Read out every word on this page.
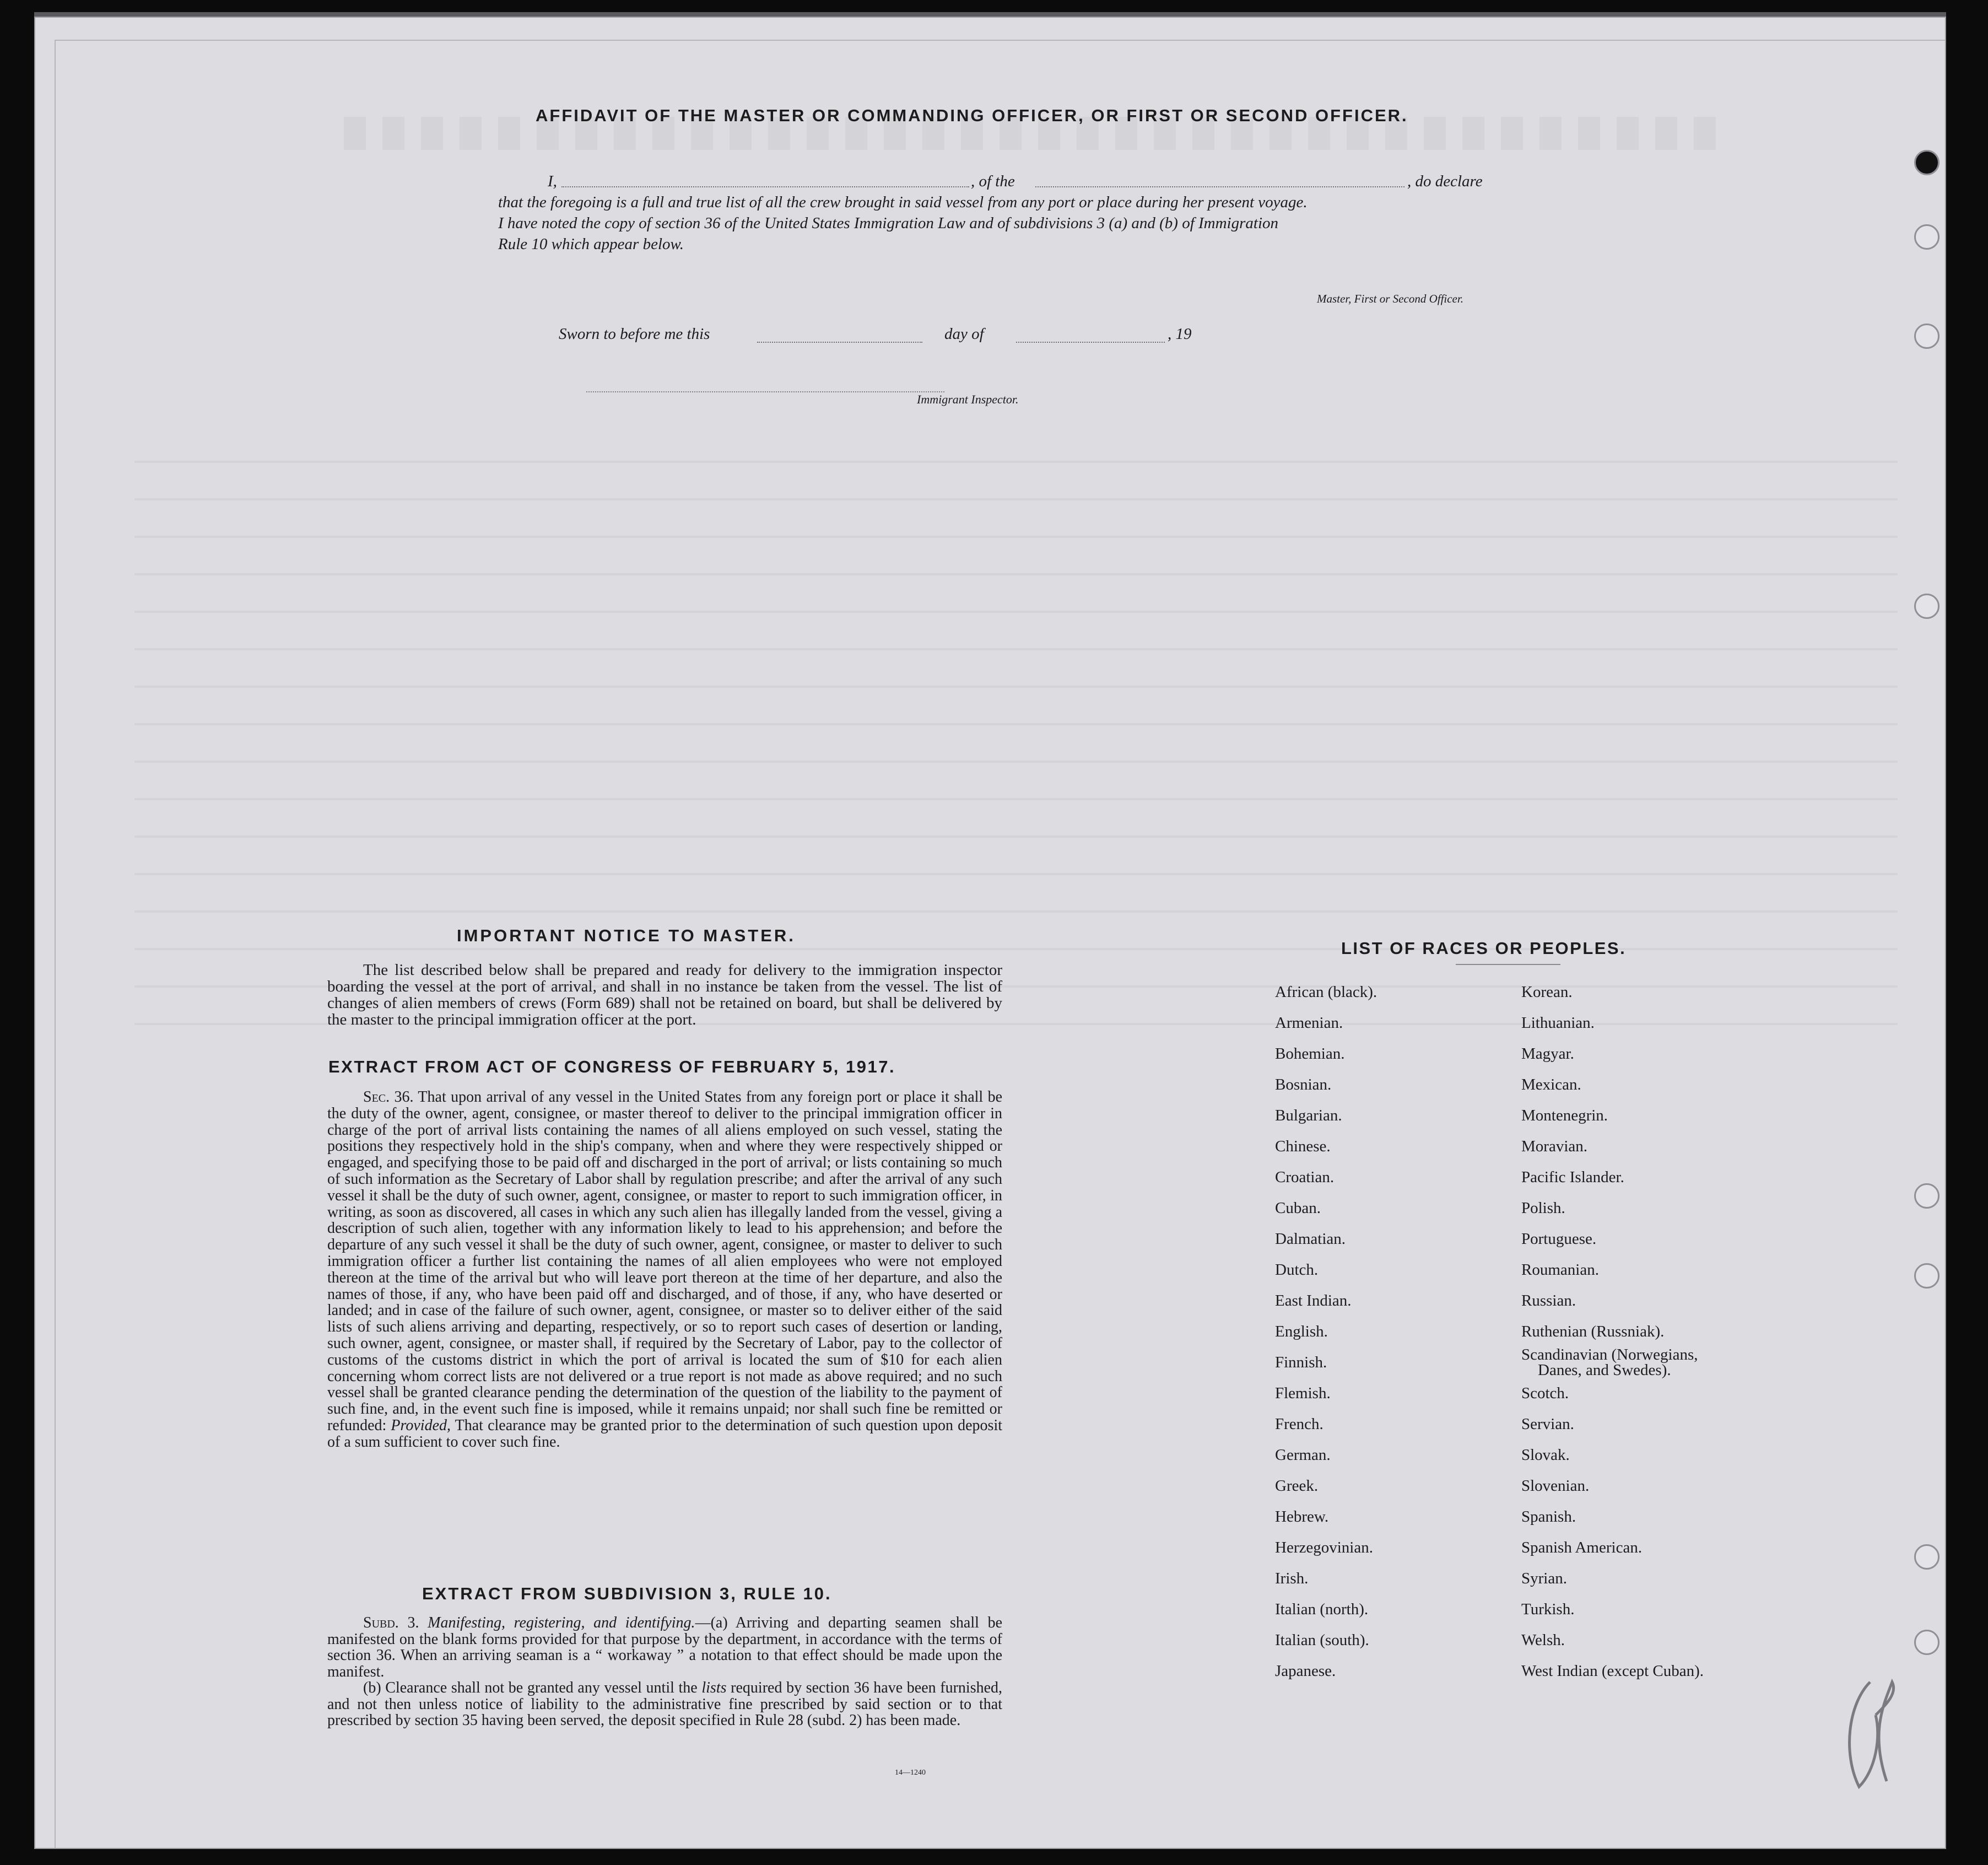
AFFIDAVIT OF THE MASTER OR COMMANDING OFFICER, OR FIRST OR SECOND OFFICER.
I,	, of the	, do declare
that the foregoing is a full and true list of all the crew brought in said vessel from any port or place during her present voyage.
I have noted the copy of section 36 of the United States Immigration Law and of subdivisions 3 (a) and (b) of Immigration
Rule 10 which appear below.
Master, First or Second Officer.
Sworn to before me this	day of	, 19
Immigrant Inspector.
IMPORTANT NOTICE TO MASTER.
The list described below shall be prepared and ready for delivery to the immigration inspector boarding the vessel at the port of arrival, and shall in no instance be taken from the vessel. The list of changes of alien members of crews (Form 689) shall not be retained on board, but shall be delivered by the master to the principal immigration officer at the port.
EXTRACT FROM ACT OF CONGRESS OF FEBRUARY 5, 1917.
Sec. 36. That upon arrival of any vessel in the United States from any foreign port or place it shall be the duty of the owner, agent, consignee, or master thereof to deliver to the principal immigration officer in charge of the port of arrival lists containing the names of all aliens employed on such vessel, stating the positions they respectively hold in the ship's company, when and where they were respectively shipped or engaged, and specifying those to be paid off and discharged in the port of arrival; or lists containing so much of such information as the Secretary of Labor shall by regulation prescribe; and after the arrival of any such vessel it shall be the duty of such owner, agent, consignee, or master to report to such immigration officer, in writing, as soon as discovered, all cases in which any such alien has illegally landed from the vessel, giving a description of such alien, together with any information likely to lead to his apprehension; and before the departure of any such vessel it shall be the duty of such owner, agent, consignee, or master to deliver to such immigration officer a further list containing the names of all alien employees who were not employed thereon at the time of the arrival but who will leave port thereon at the time of her departure, and also the names of those, if any, who have been paid off and discharged, and of those, if any, who have deserted or landed; and in case of the failure of such owner, agent, consignee, or master so to deliver either of the said lists of such aliens arriving and departing, respectively, or so to report such cases of desertion or landing, such owner, agent, consignee, or master shall, if required by the Secretary of Labor, pay to the collector of customs of the customs district in which the port of arrival is located the sum of $10 for each alien concerning whom correct lists are not delivered or a true report is not made as above required; and no such vessel shall be granted clearance pending the determination of the question of the liability to the payment of such fine, and, in the event such fine is imposed, while it remains unpaid; nor shall such fine be remitted or refunded: Provided, That clearance may be granted prior to the determination of such question upon deposit of a sum sufficient to cover such fine.
EXTRACT FROM SUBDIVISION 3, RULE 10.
Subd. 3. Manifesting, registering, and identifying.—(a) Arriving and departing seamen shall be manifested on the blank forms provided for that purpose by the department, in accordance with the terms of section 36. When an arriving seaman is a “ workaway ” a notation to that effect should be made upon the manifest.
(b) Clearance shall not be granted any vessel until the lists required by section 36 have been furnished, and not then unless notice of liability to the administrative fine prescribed by said section or to that prescribed by section 35 having been served, the deposit specified in Rule 28 (subd. 2) has been made.
14—1240
LIST OF RACES OR PEOPLES.
African (black).
Armenian.
Bohemian.
Bosnian.
Bulgarian.
Chinese.
Croatian.
Cuban.
Dalmatian.
Dutch.
East Indian.
English.
Finnish.
Flemish.
French.
German.
Greek.
Hebrew.
Herzegovinian.
Irish.
Italian (north).
Italian (south).
Japanese.
Korean.
Lithuanian.
Magyar.
Mexican.
Montenegrin.
Moravian.
Pacific Islander.
Polish.
Portuguese.
Roumanian.
Russian.
Ruthenian (Russniak).
Scandinavian (Norwegians,
Danes, and Swedes).
Scotch.
Servian.
Slovak.
Slovenian.
Spanish.
Spanish American.
Syrian.
Turkish.
Welsh.
West Indian (except Cuban).
